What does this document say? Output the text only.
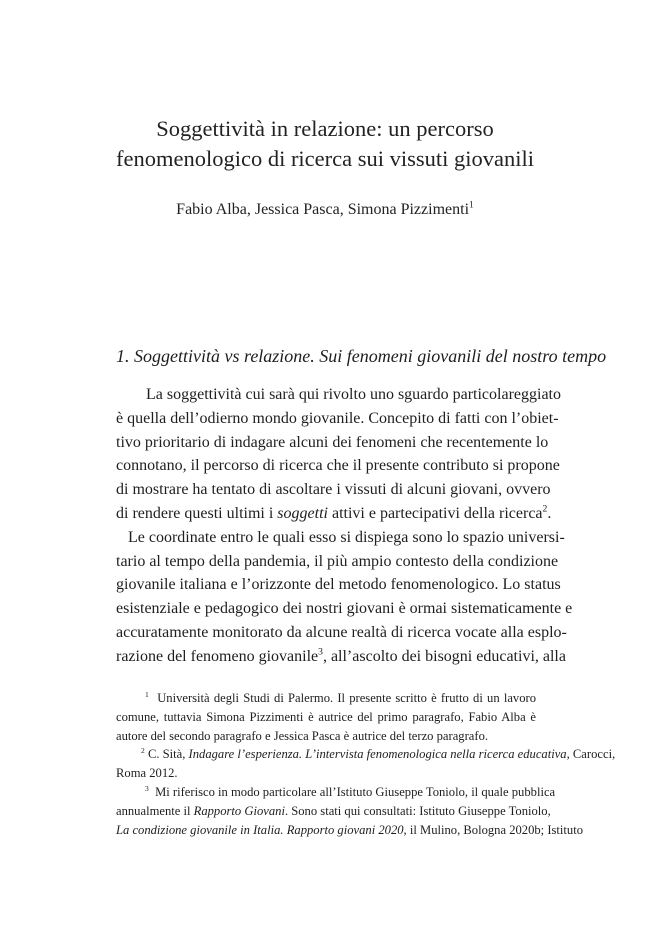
Soggettività in relazione: un percorso
fenomenologico di ricerca sui vissuti giovanili
Fabio Alba, Jessica Pasca, Simona Pizzimenti$^1$
1. Soggettività vs relazione. Sui fenomeni giovanili del nostro tempo
La soggettività cui sarà qui rivolto uno sguardo particolareggiato
è quella dell’odierno mondo giovanile. Concepito di fatti con l’obiet-
tivo prioritario di indagare alcuni dei fenomeni che recentemente lo
connotano, il percorso di ricerca che il presente contributo si propone
di mostrare ha tentato di ascoltare i vissuti di alcuni giovani, ovvero
di rendere questi ultimi i soggetti attivi e partecipativi della ricerca$^2$.
Le coordinate entro le quali esso si dispiega sono lo spazio universi-
tario al tempo della pandemia, il più ampio contesto della condizione
giovanile italiana e l’orizzonte del metodo fenomenologico. Lo status
esistenziale e pedagogico dei nostri giovani è ormai sistematicamente e
accuratamente monitorato da alcune realtà di ricerca vocate alla esplo-
razione del fenomeno giovanile$^3$, all’ascolto dei bisogni educativi, alla
$^1$ Università degli Studi di Palermo. Il presente scritto è frutto di un lavoro
comune, tuttavia Simona Pizzimenti è autrice del primo paragrafo, Fabio Alba è
autore del secondo paragrafo e Jessica Pasca è autrice del terzo paragrafo.
$^2$ C. Sità, Indagare l’esperienza. L’intervista fenomenologica nella ricerca educativa, Carocci,
Roma 2012.
$^3$ Mi riferisco in modo particolare all’Istituto Giuseppe Toniolo, il quale pubblica
annualmente il Rapporto Giovani. Sono stati qui consultati: Istituto Giuseppe Toniolo,
La condizione giovanile in Italia. Rapporto giovani 2020, il Mulino, Bologna 2020b; Istituto
